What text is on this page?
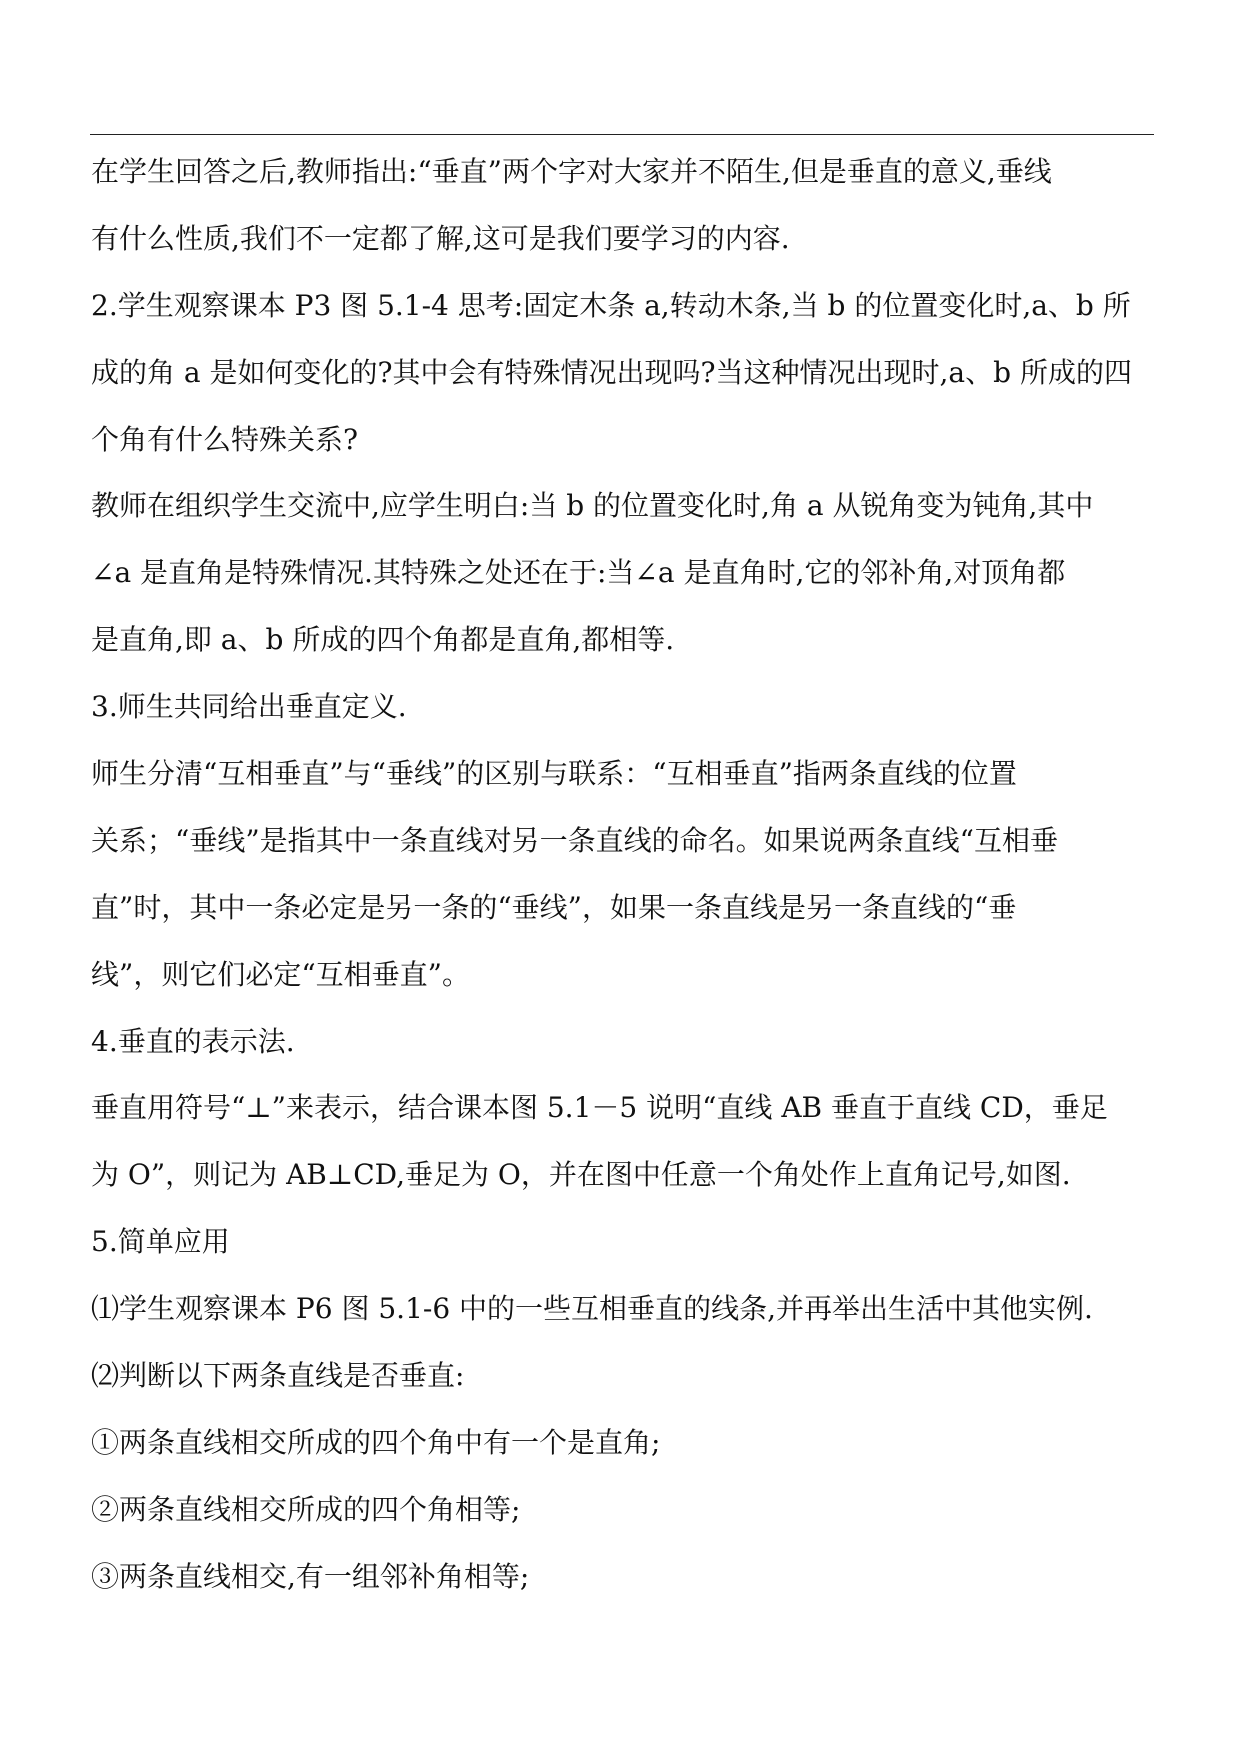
在学生回答之后,教师指出:“垂直”两个字对大家并不陌生,但是垂直的意义,垂线
有什么性质,我们不一定都了解,这可是我们要学习的内容.
2.学生观察课本 P3 图 5.1-4 思考:固定木条 a,转动木条,当 b 的位置变化时,a、b 所
成的角 a 是如何变化的?其中会有特殊情况出现吗?当这种情况出现时,a、b 所成的四
个角有什么特殊关系?
教师在组织学生交流中,应学生明白:当 b 的位置变化时,角 a 从锐角变为钝角,其中
∠a 是直角是特殊情况.其特殊之处还在于:当∠a 是直角时,它的邻补角,对顶角都
是直角,即 a、b 所成的四个角都是直角,都相等.
3.师生共同给出垂直定义.
师生分清“互相垂直”与“垂线”的区别与联系：“互相垂直”指两条直线的位置
关系；“垂线”是指其中一条直线对另一条直线的命名。如果说两条直线“互相垂
直”时，其中一条必定是另一条的“垂线”，如果一条直线是另一条直线的“垂
线”，则它们必定“互相垂直”。
4.垂直的表示法.
垂直用符号“⊥”来表示，结合课本图 5.1－5 说明“直线 AB 垂直于直线 CD，垂足
为 O”，则记为 AB⊥CD,垂足为 O，并在图中任意一个角处作上直角记号,如图.
5.简单应用
⑴学生观察课本 P6 图 5.1-6 中的一些互相垂直的线条,并再举出生活中其他实例.
⑵判断以下两条直线是否垂直:
①两条直线相交所成的四个角中有一个是直角;
②两条直线相交所成的四个角相等;
③两条直线相交,有一组邻补角相等;
